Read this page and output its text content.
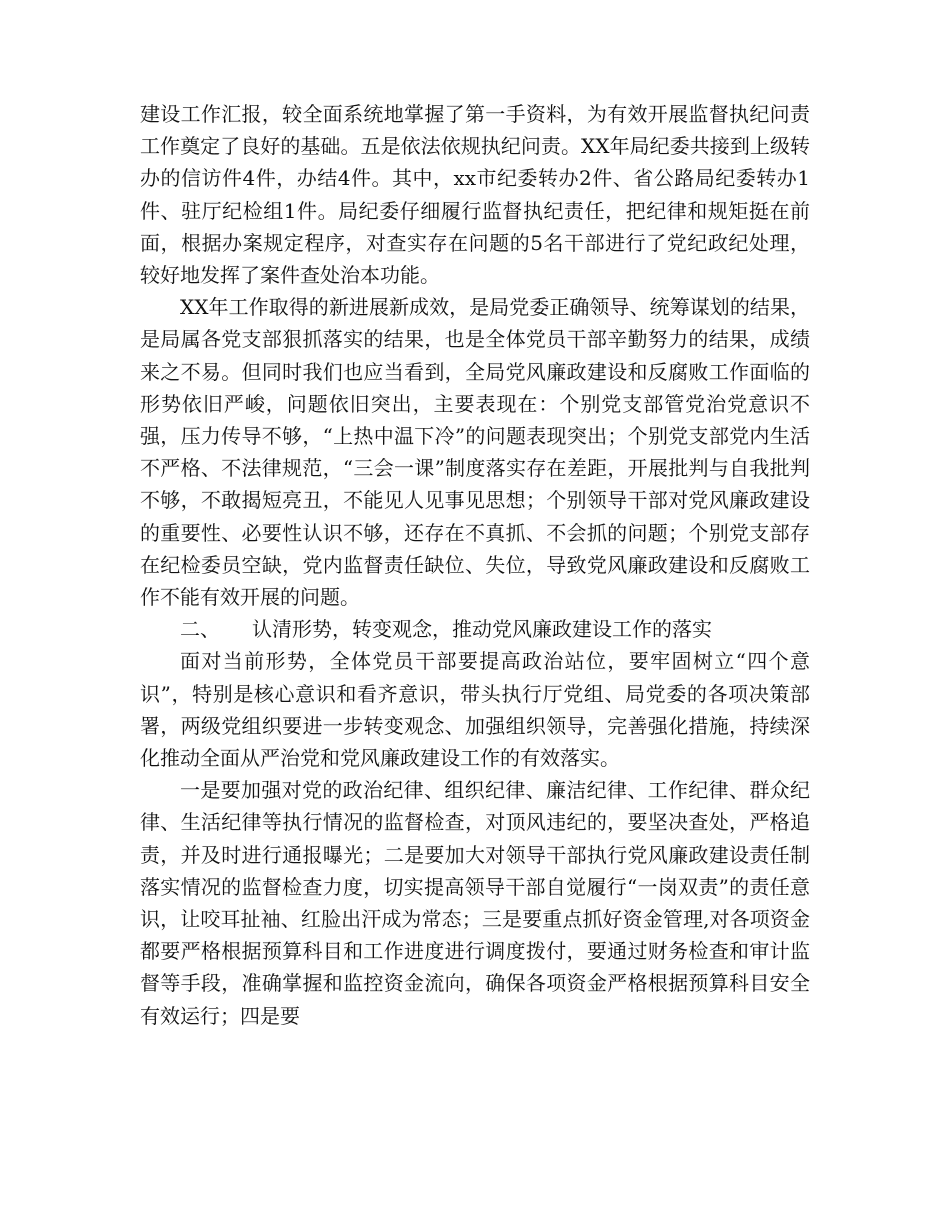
建设工作汇报，较全面系统地掌握了第一手资料，为有效开展监督执纪问责工作奠定了良好的基础。五是依法依规执纪问责。XX年局纪委共接到上级转办的信访件4件，办结4件。其中，xx市纪委转办2件、省公路局纪委转办1件、驻厅纪检组1件。局纪委仔细履行监督执纪责任，把纪律和规矩挺在前面，根据办案规定程序，对查实存在问题的5名干部进行了党纪政纪处理，较好地发挥了案件查处治本功能。

XX年工作取得的新进展新成效，是局党委正确领导、统筹谋划的结果，是局属各党支部狠抓落实的结果，也是全体党员干部辛勤努力的结果，成绩来之不易。但同时我们也应当看到，全局党风廉政建设和反腐败工作面临的形势依旧严峻，问题依旧突出，主要表现在：个别党支部管党治党意识不强，压力传导不够，“上热中温下冷”的问题表现突出；个别党支部党内生活不严格、不法律规范，“三会一课”制度落实存在差距，开展批判与自我批判不够，不敢揭短亮丑，不能见人见事见思想；个别领导干部对党风廉政建设的重要性、必要性认识不够，还存在不真抓、不会抓的问题；个别党支部存在纪检委员空缺，党内监督责任缺位、失位，导致党风廉政建设和反腐败工作不能有效开展的问题。

二、 认清形势，转变观念，推动党风廉政建设工作的落实

面对当前形势，全体党员干部要提高政治站位，要牢固树立“四个意识”，特别是核心意识和看齐意识，带头执行厅党组、局党委的各项决策部署，两级党组织要进一步转变观念、加强组织领导，完善强化措施，持续深化推动全面从严治党和党风廉政建设工作的有效落实。

一是要加强对党的政治纪律、组织纪律、廉洁纪律、工作纪律、群众纪律、生活纪律等执行情况的监督检查，对顶风违纪的，要坚决查处，严格追责，并及时进行通报曝光；二是要加大对领导干部执行党风廉政建设责任制落实情况的监督检查力度，切实提高领导干部自觉履行“一岗双责”的责任意识，让咬耳扯袖、红脸出汗成为常态；三是要重点抓好资金管理,对各项资金都要严格根据预算科目和工作进度进行调度拨付，要通过财务检查和审计监督等手段，准确掌握和监控资金流向，确保各项资金严格根据预算科目安全有效运行；四是要
